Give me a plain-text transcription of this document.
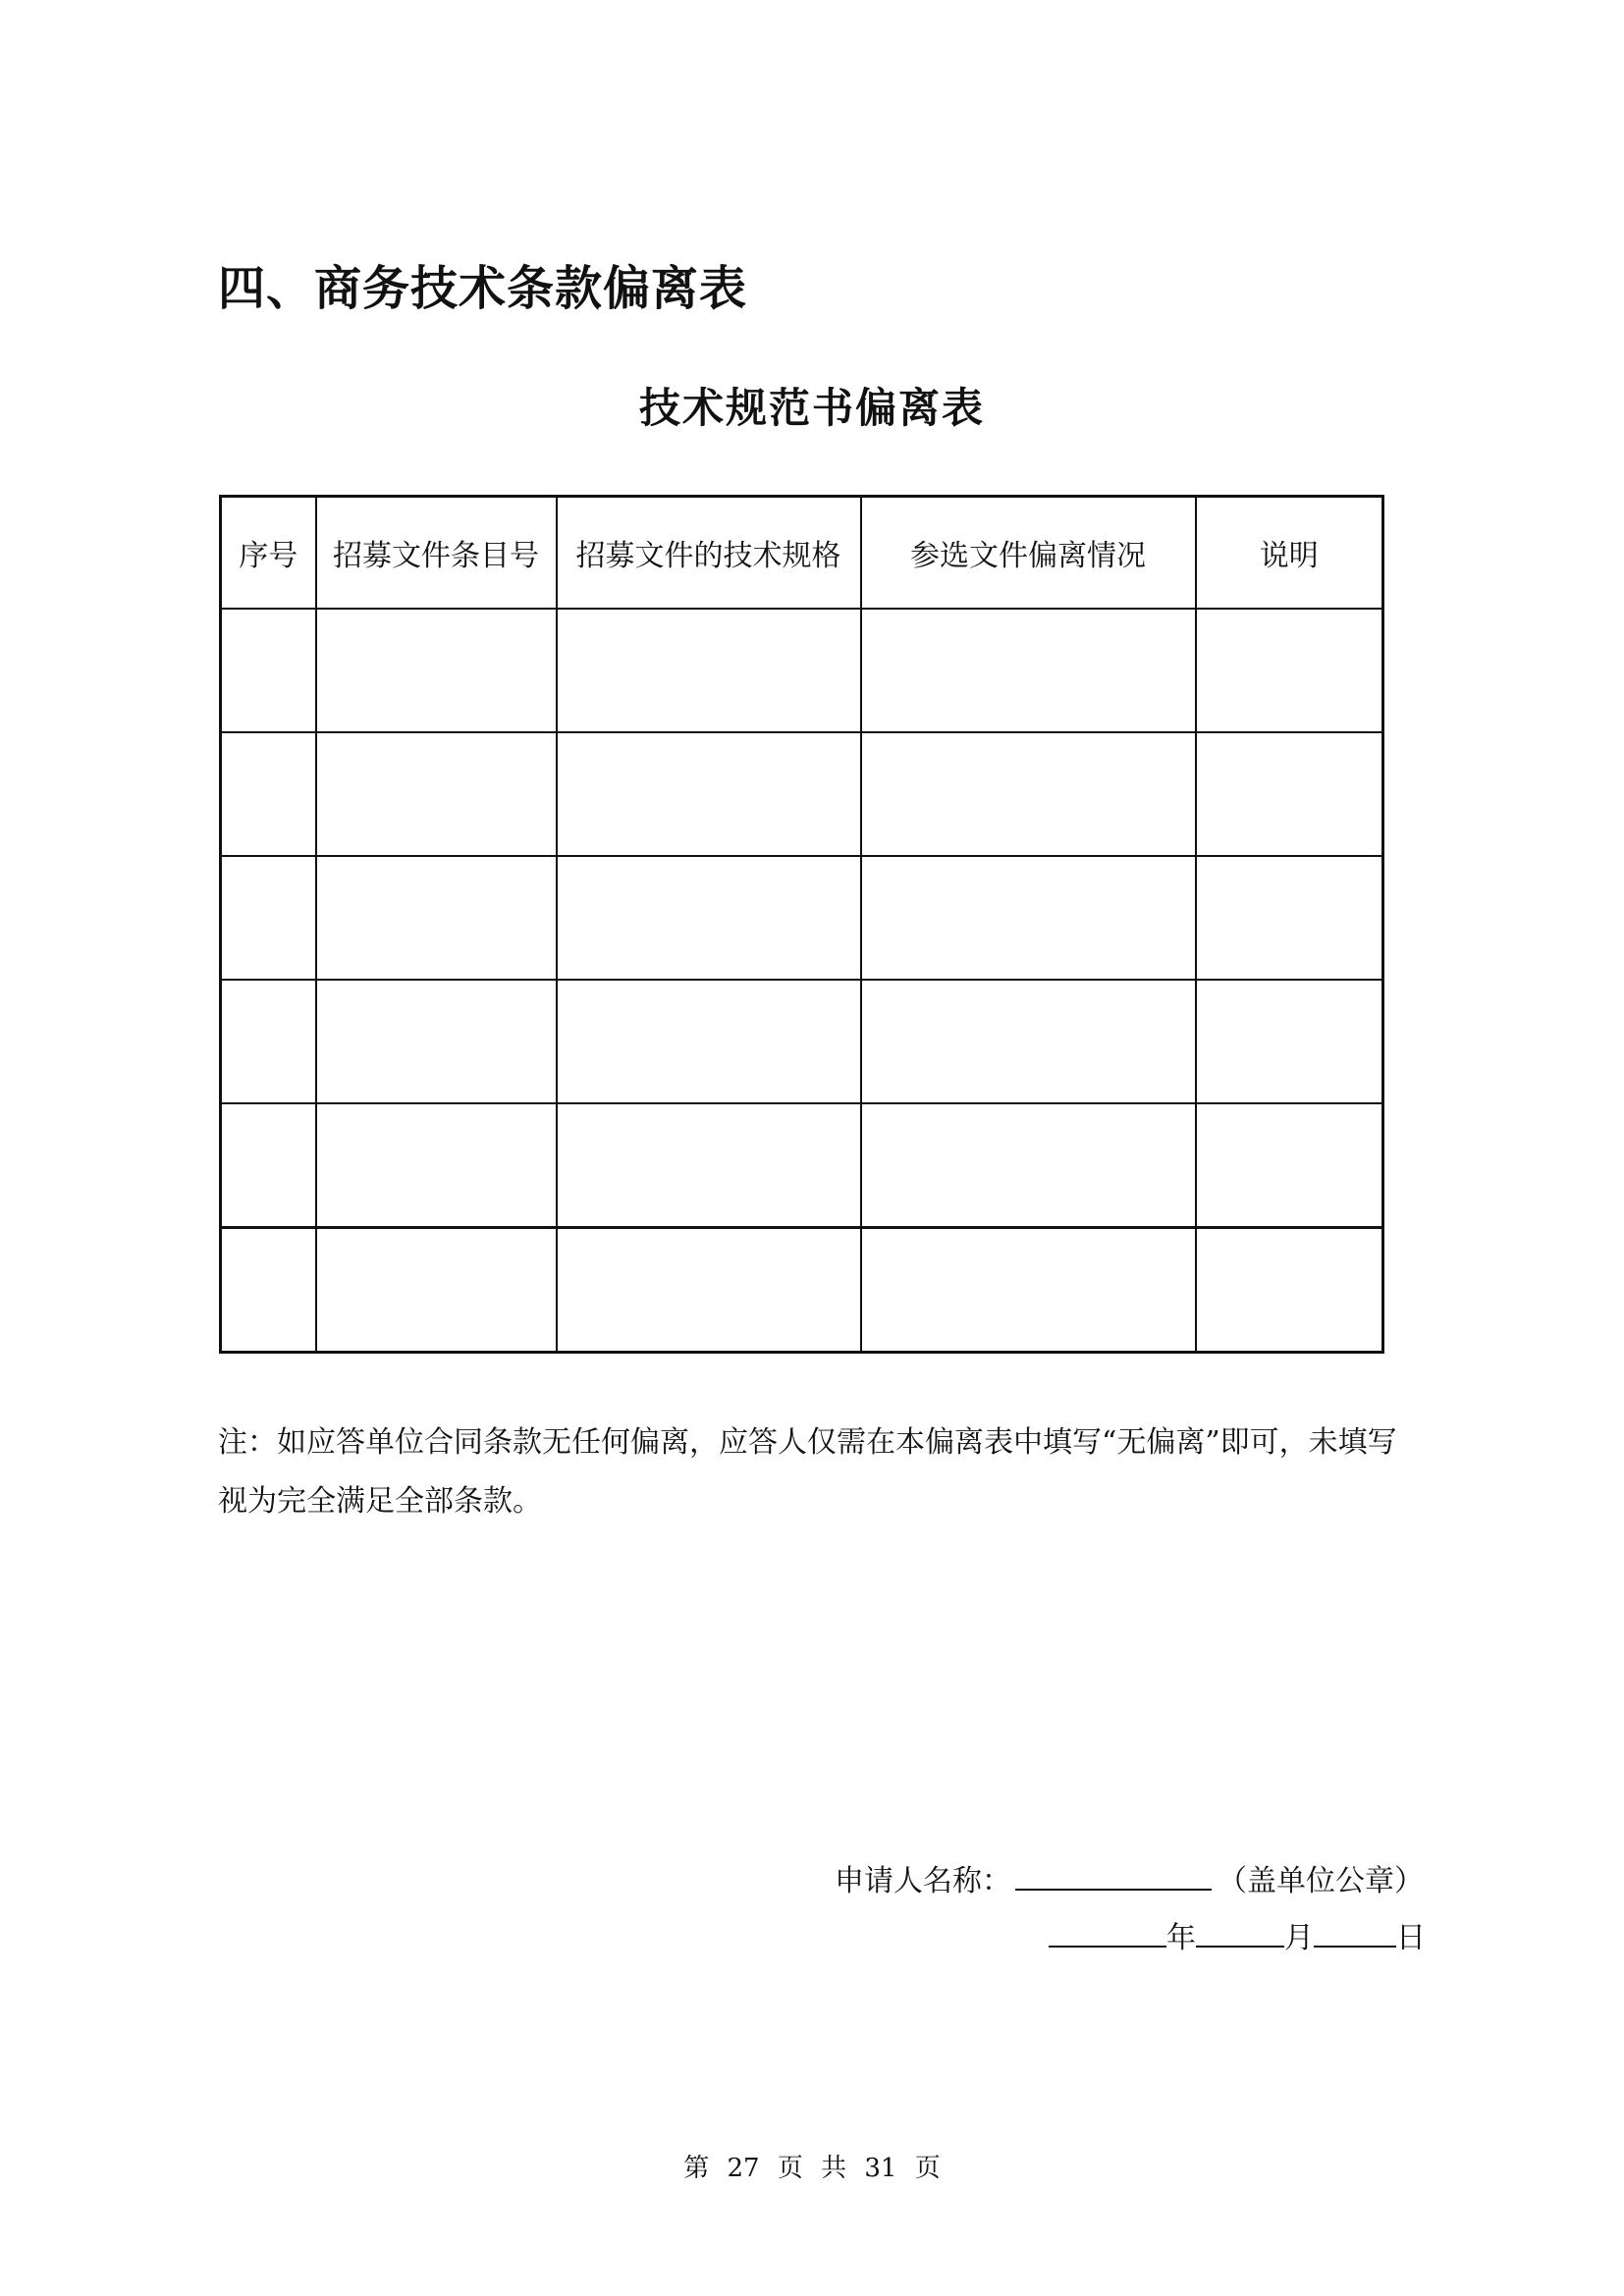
四、商务技术条款偏离表
技术规范书偏离表
序号	招募文件条目号	招募文件的技术规格	参选文件偏离情况	说明

注：如应答单位合同条款无任何偏离，应答人仅需在本偏离表中填写“无偏离”即可，未填写视为完全满足全部条款。

申请人名称：	（盖单位公章）
年	月	日
第 27 页 共 31 页
